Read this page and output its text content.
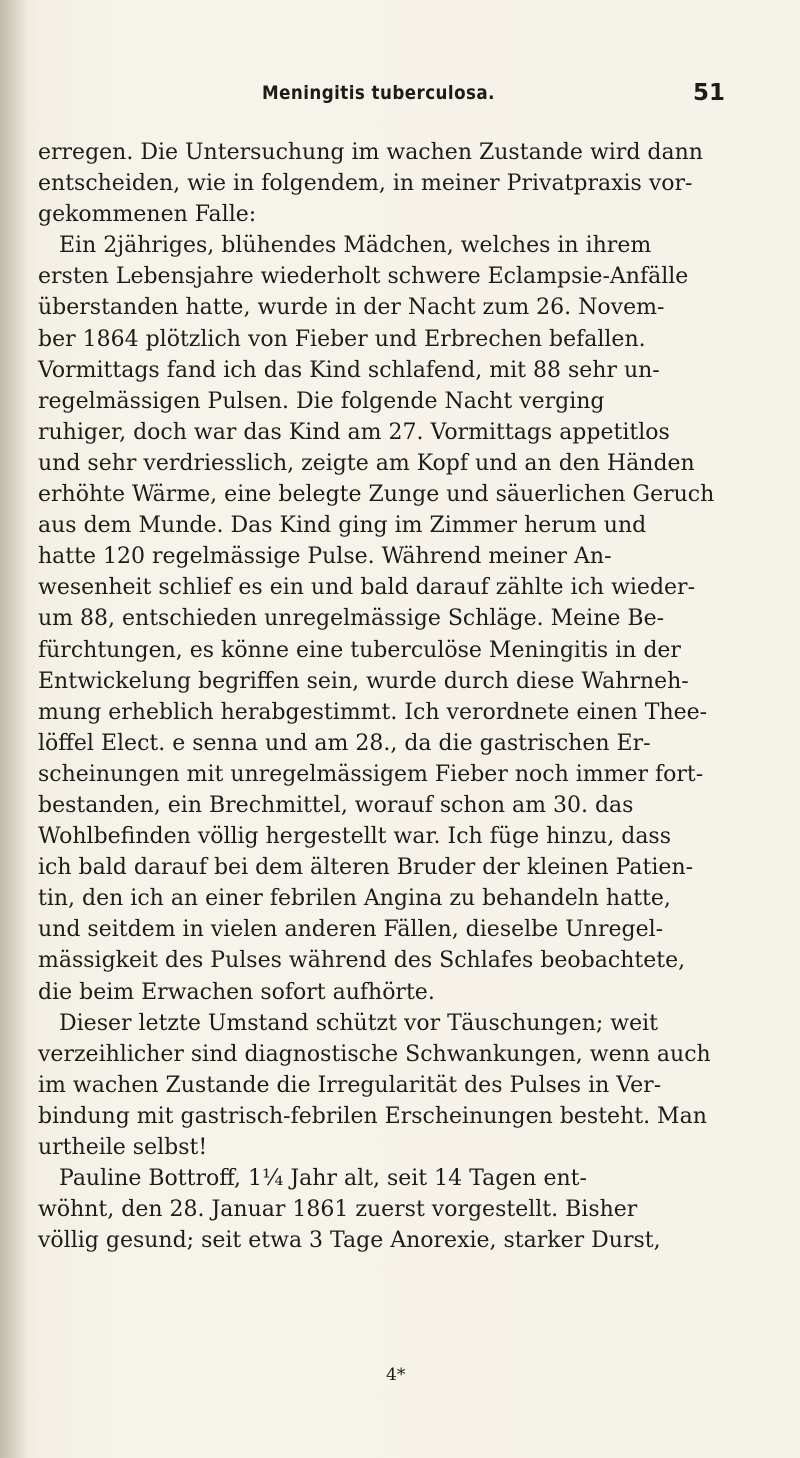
Meningitis tuberculosa.	51
erregen. Die Untersuchung im wachen Zustande wird dann
entscheiden, wie in folgendem, in meiner Privatpraxis vor-
gekommenen Falle:
Ein 2jähriges, blühendes Mädchen, welches in ihrem
ersten Lebensjahre wiederholt schwere Eclampsie-Anfälle
überstanden hatte, wurde in der Nacht zum 26. Novem-
ber 1864 plötzlich von Fieber und Erbrechen befallen.
Vormittags fand ich das Kind schlafend, mit 88 sehr un-
regelmässigen Pulsen. Die folgende Nacht verging
ruhiger, doch war das Kind am 27. Vormittags appetitlos
und sehr verdriesslich, zeigte am Kopf und an den Händen
erhöhte Wärme, eine belegte Zunge und säuerlichen Geruch
aus dem Munde. Das Kind ging im Zimmer herum und
hatte 120 regelmässige Pulse. Während meiner An-
wesenheit schlief es ein und bald darauf zählte ich wieder-
um 88, entschieden unregelmässige Schläge. Meine Be-
fürchtungen, es könne eine tuberculöse Meningitis in der
Entwickelung begriffen sein, wurde durch diese Wahrneh-
mung erheblich herabgestimmt. Ich verordnete einen Thee-
löffel Elect. e senna und am 28., da die gastrischen Er-
scheinungen mit unregelmässigem Fieber noch immer fort-
bestanden, ein Brechmittel, worauf schon am 30. das
Wohlbefinden völlig hergestellt war. Ich füge hinzu, dass
ich bald darauf bei dem älteren Bruder der kleinen Patien-
tin, den ich an einer febrilen Angina zu behandeln hatte,
und seitdem in vielen anderen Fällen, dieselbe Unregel-
mässigkeit des Pulses während des Schlafes beobachtete,
die beim Erwachen sofort aufhörte.
Dieser letzte Umstand schützt vor Täuschungen; weit
verzeihlicher sind diagnostische Schwankungen, wenn auch
im wachen Zustande die Irregularität des Pulses in Ver-
bindung mit gastrisch-febrilen Erscheinungen besteht. Man
urtheile selbst!
Pauline Bottroff, 1¼ Jahr alt, seit 14 Tagen ent-
wöhnt, den 28. Januar 1861 zuerst vorgestellt. Bisher
völlig gesund; seit etwa 3 Tage Anorexie, starker Durst,
4*
